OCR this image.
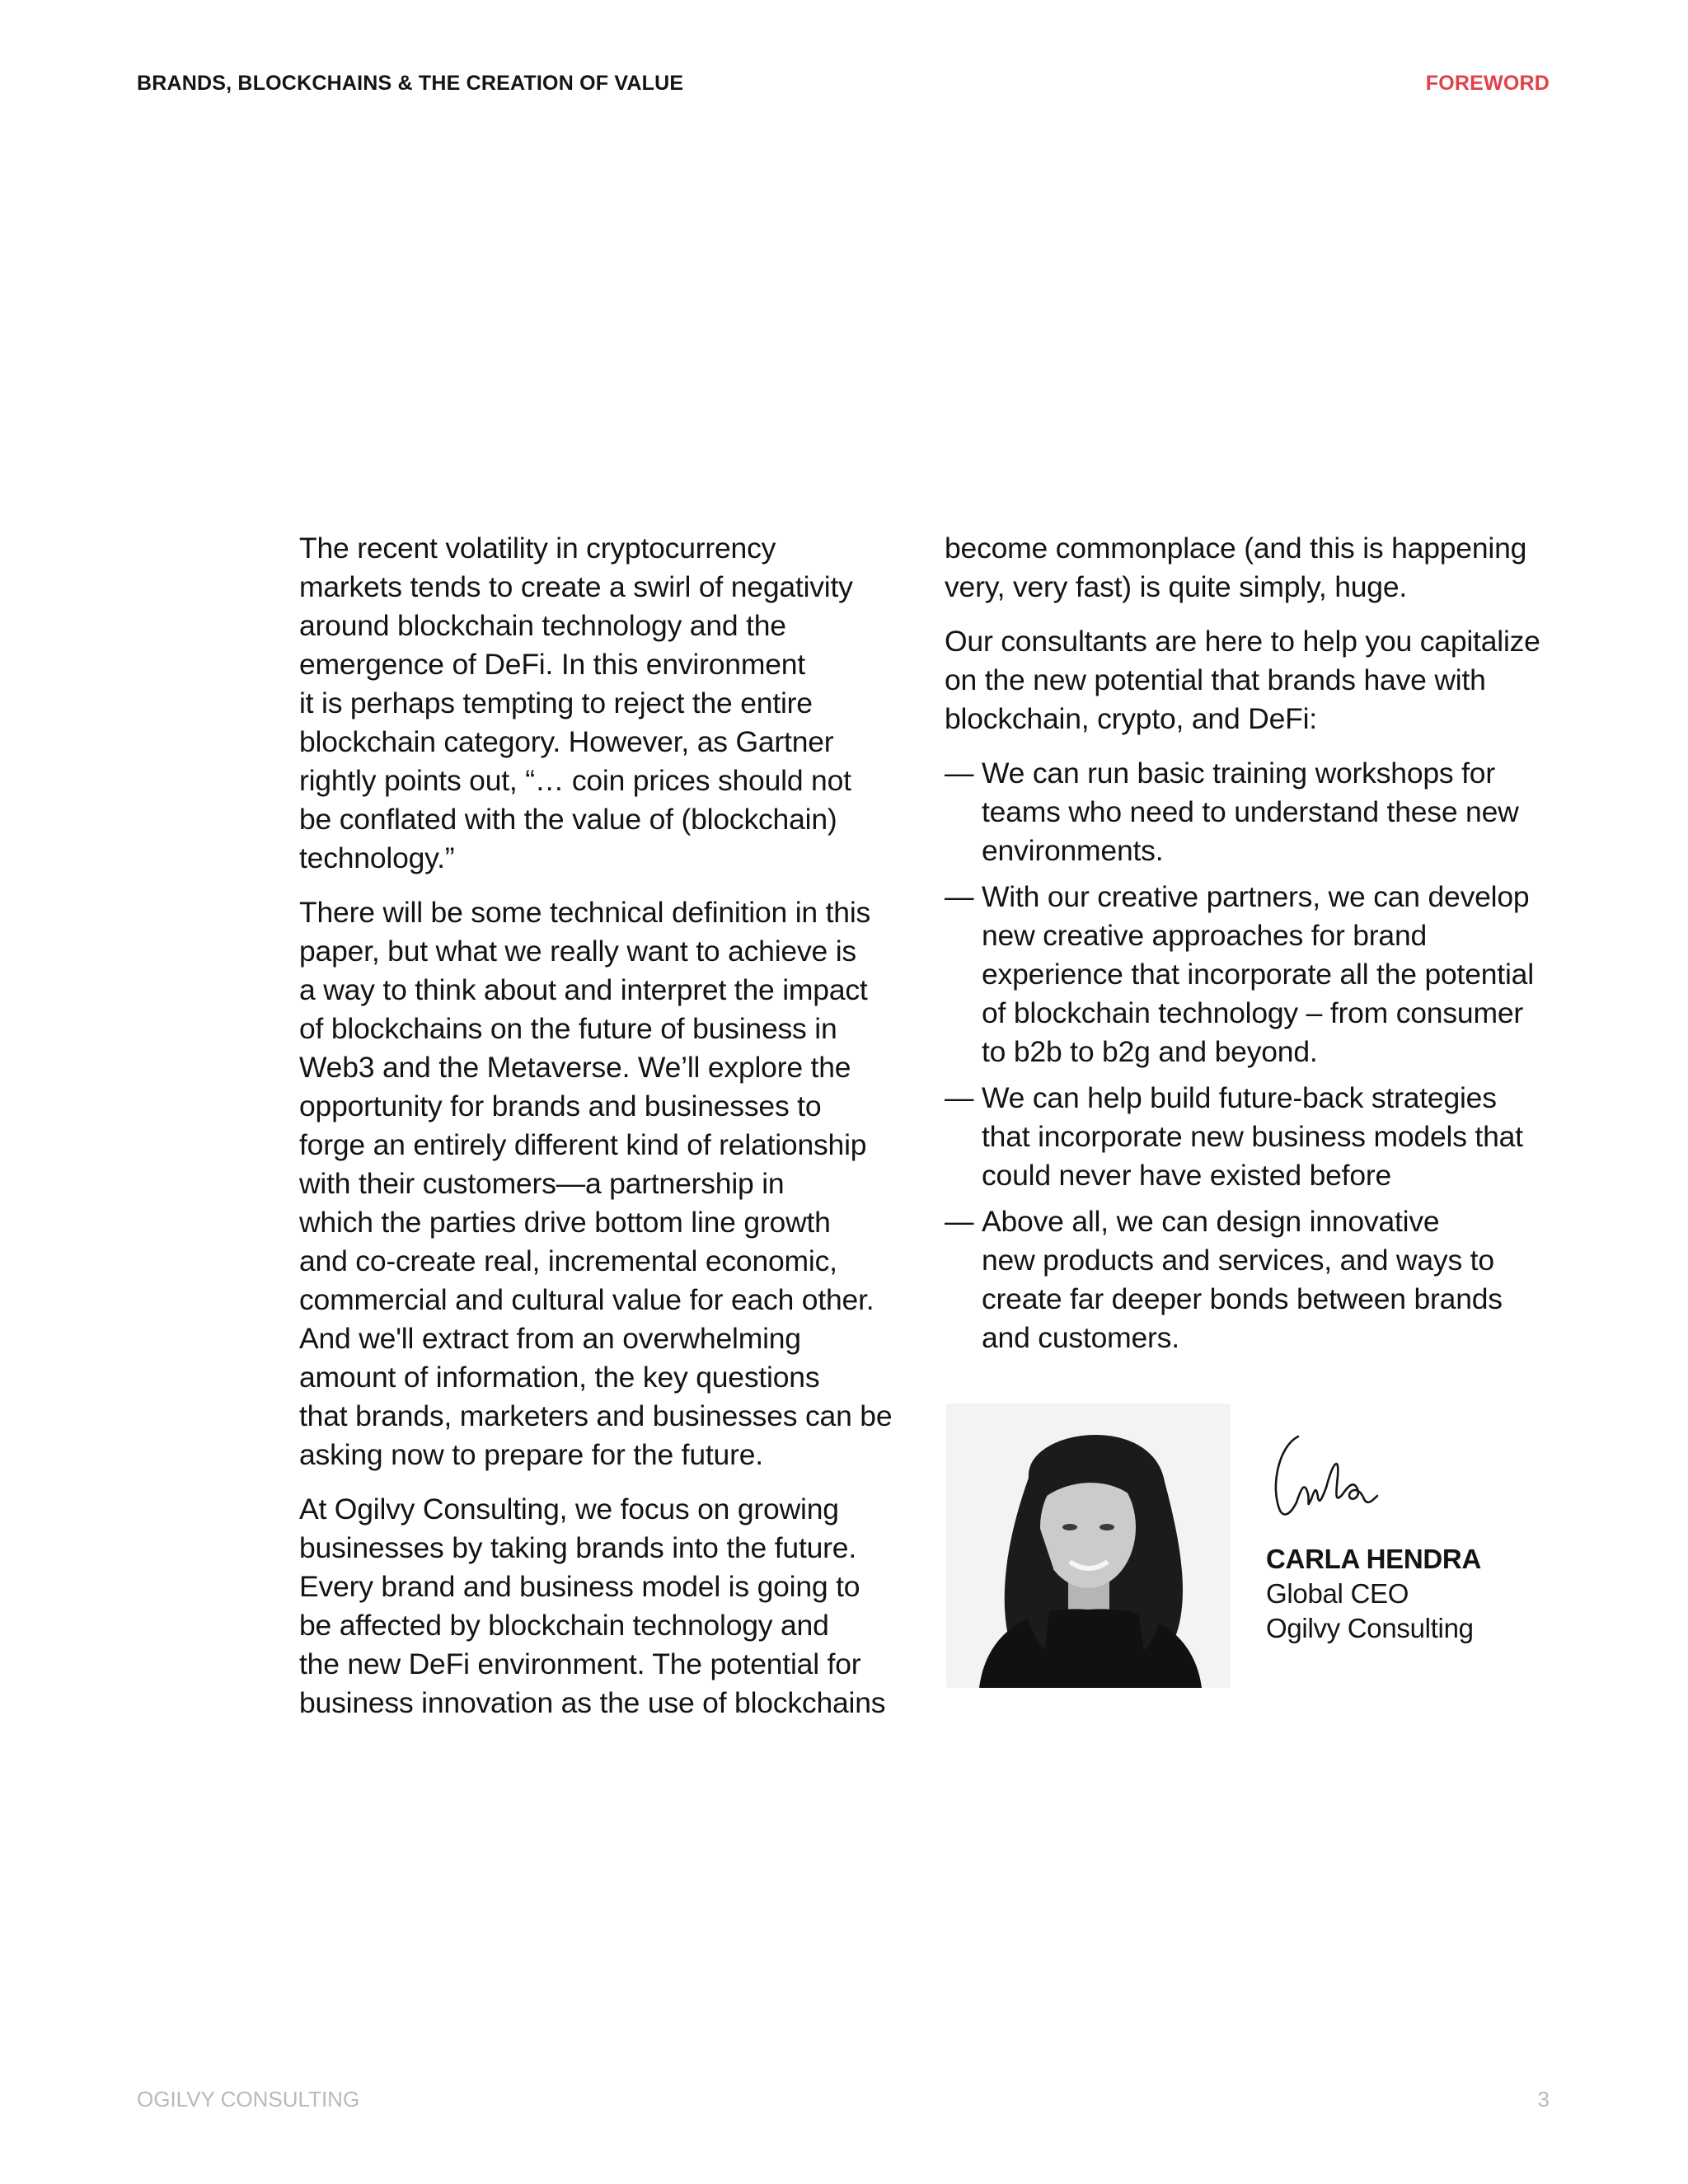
BRANDS, BLOCKCHAINS & THE CREATION OF VALUE	FOREWORD

The recent volatility in cryptocurrency
markets tends to create a swirl of negativity
around blockchain technology and the
emergence of DeFi. In this environment
it is perhaps tempting to reject the entire
blockchain category. However, as Gartner
rightly points out, “… coin prices should not
be conflated with the value of (blockchain)
technology.”

There will be some technical definition in this
paper, but what we really want to achieve is
a way to think about and interpret the impact
of blockchains on the future of business in
Web3 and the Metaverse. We’ll explore the
opportunity for brands and businesses to
forge an entirely different kind of relationship
with their customers—a partnership in
which the parties drive bottom line growth
and co-create real, incremental economic,
commercial and cultural value for each other.
And we'll extract from an overwhelming
amount of information, the key questions
that brands, marketers and businesses can be
asking now to prepare for the future.

At Ogilvy Consulting, we focus on growing
businesses by taking brands into the future.
Every brand and business model is going to
be affected by blockchain technology and
the new DeFi environment. The potential for
business innovation as the use of blockchains

become commonplace (and this is happening
very, very fast) is quite simply, huge.

Our consultants are here to help you capitalize
on the new potential that brands have with
blockchain, crypto, and DeFi:

— We can run basic training workshops for
teams who need to understand these new
environments.
— With our creative partners, we can develop
new creative approaches for brand
experience that incorporate all the potential
of blockchain technology – from consumer
to b2b to b2g and beyond.
— We can help build future-back strategies
that incorporate new business models that
could never have existed before
— Above all, we can design innovative
new products and services, and ways to
create far deeper bonds between brands
and customers.
CARLA HENDRA
Global CEO
Ogilvy Consulting
OGILVY CONSULTING	3
